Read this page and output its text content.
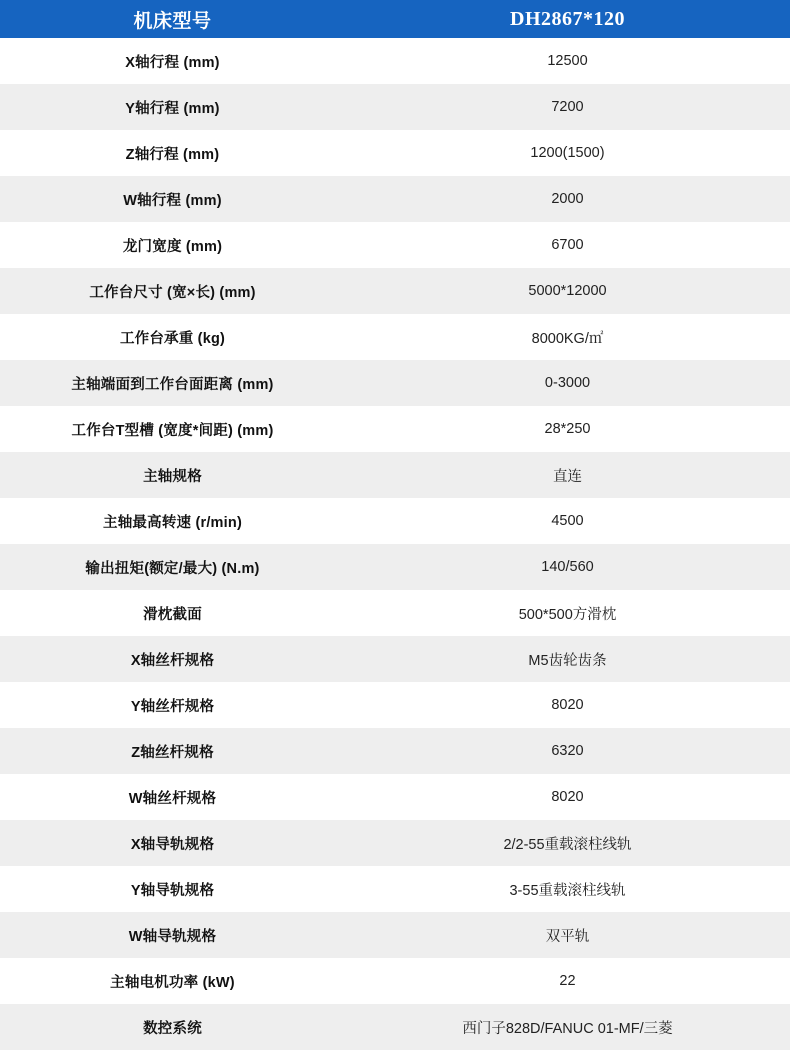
机床型号	DH2867*120
X轴行程 (mm)	12500
Y轴行程 (mm)	7200
Z轴行程 (mm)	1200(1500)
W轴行程 (mm)	2000
龙门宽度 (mm)	6700
工作台尺寸 (宽×长) (mm)	5000*12000
工作台承重 (kg)	8000KG/㎡
主轴端面到工作台面距离 (mm)	0-3000
工作台T型槽 (宽度*间距) (mm)	28*250
主轴规格	直连
主轴最高转速 (r/min)	4500
输出扭矩(额定/最大) (N.m)	140/560
滑枕截面	500*500方滑枕
X轴丝杆规格	M5齿轮齿条
Y轴丝杆规格	8020
Z轴丝杆规格	6320
W轴丝杆规格	8020
X轴导轨规格	2/2-55重载滚柱线轨
Y轴导轨规格	3-55重载滚柱线轨
W轴导轨规格	双平轨
主轴电机功率 (kW)	22
数控系统	西门子828D/FANUC 01-MF/三菱
